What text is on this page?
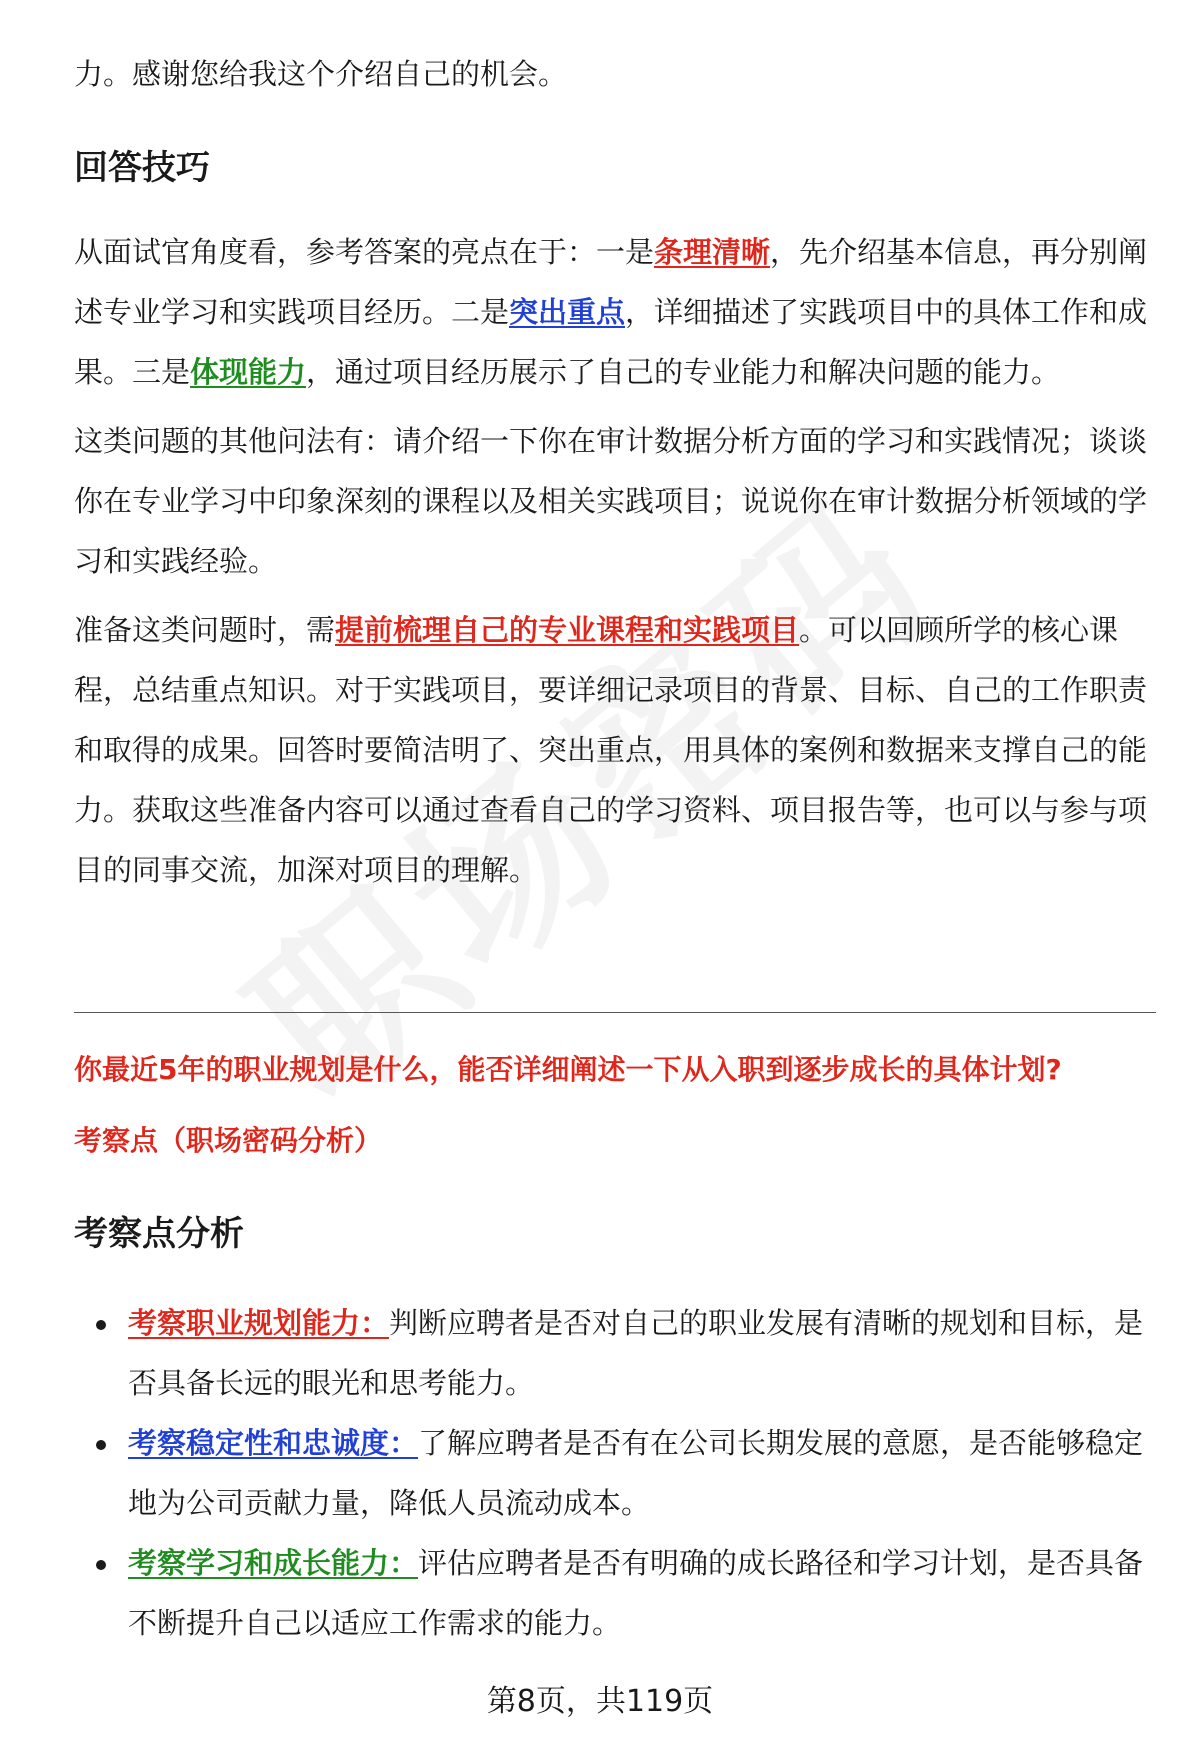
力。感谢您给我这个介绍自己的机会。

回答技巧

从面试官角度看，参考答案的亮点在于：一是条理清晰，先介绍基本信息，再分别阐述专业学习和实践项目经历。二是突出重点，详细描述了实践项目中的具体工作和成果。三是体现能力，通过项目经历展示了自己的专业能力和解决问题的能力。

这类问题的其他问法有：请介绍一下你在审计数据分析方面的学习和实践情况；谈谈你在专业学习中印象深刻的课程以及相关实践项目；说说你在审计数据分析领域的学习和实践经验。

准备这类问题时，需提前梳理自己的专业课程和实践项目。可以回顾所学的核心课程，总结重点知识。对于实践项目，要详细记录项目的背景、目标、自己的工作职责和取得的成果。回答时要简洁明了、突出重点，用具体的案例和数据来支撑自己的能力。获取这些准备内容可以通过查看自己的学习资料、项目报告等，也可以与参与项目的同事交流，加深对项目的理解。

你最近5年的职业规划是什么，能否详细阐述一下从入职到逐步成长的具体计划?

考察点（职场密码分析）

考察点分析

考察职业规划能力：判断应聘者是否对自己的职业发展有清晰的规划和目标，是否具备长远的眼光和思考能力。

考察稳定性和忠诚度：了解应聘者是否有在公司长期发展的意愿，是否能够稳定地为公司贡献力量，降低人员流动成本。

考察学习和成长能力：评估应聘者是否有明确的成长路径和学习计划，是否具备不断提升自己以适应工作需求的能力。

第8页，共119页
